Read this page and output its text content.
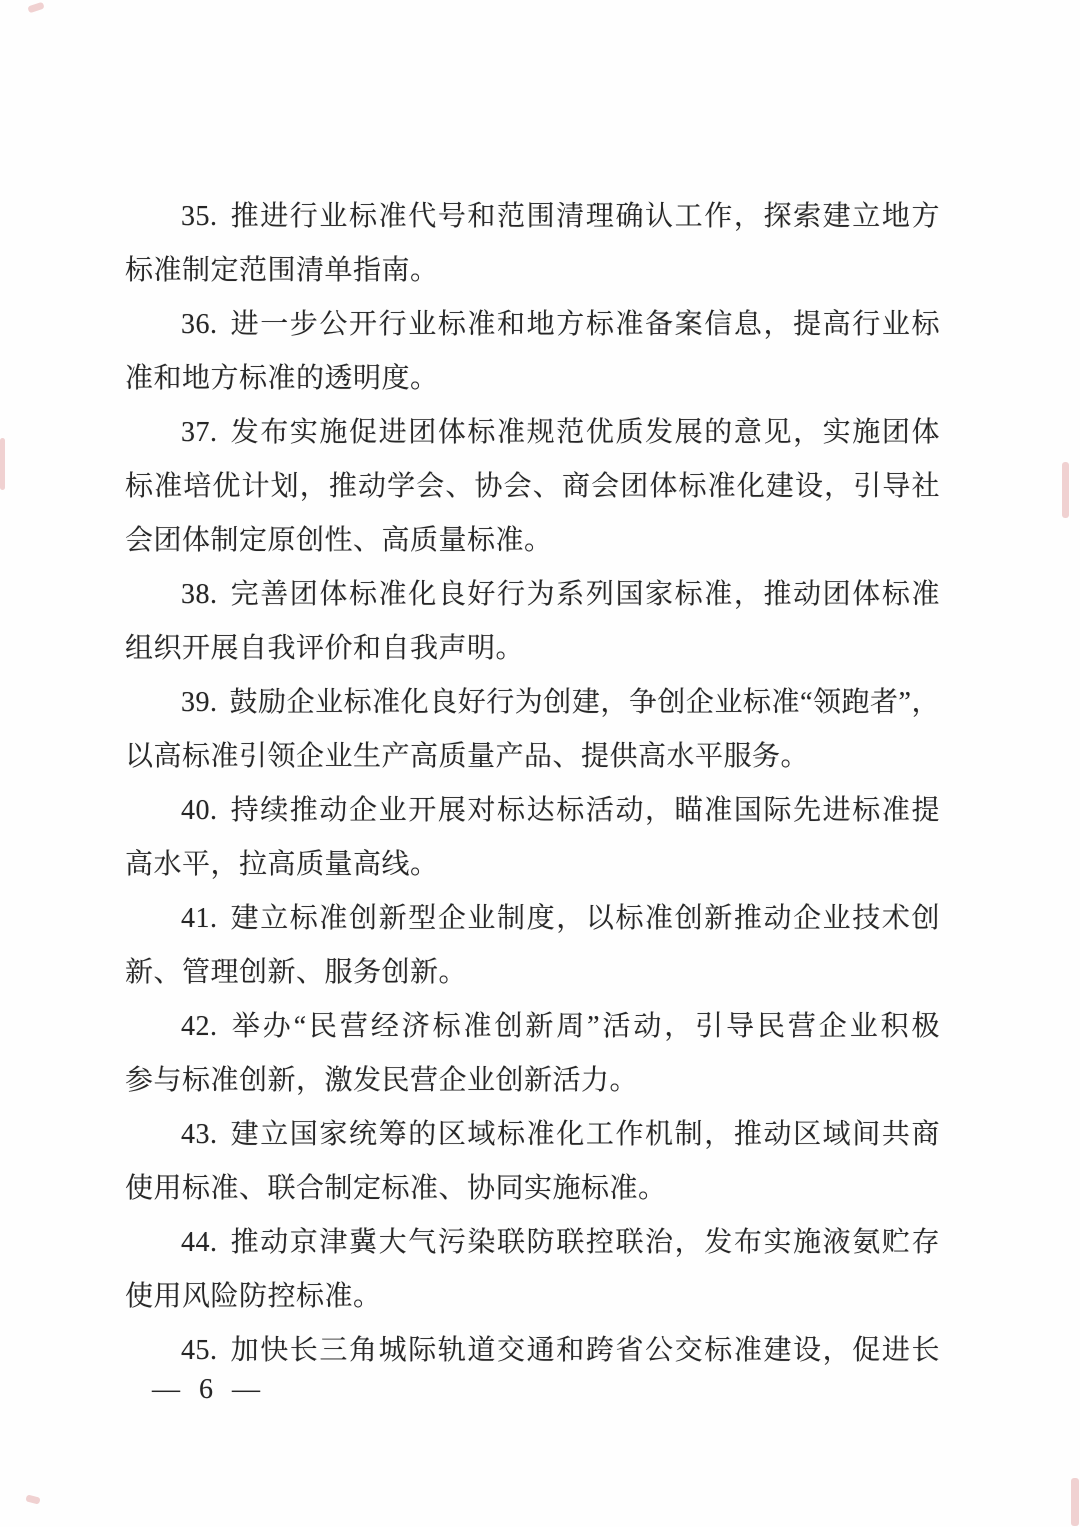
35. 推进行业标准代号和范围清理确认工作，探索建立地方
标准制定范围清单指南。
36. 进一步公开行业标准和地方标准备案信息，提高行业标
准和地方标准的透明度。
37. 发布实施促进团体标准规范优质发展的意见，实施团体
标准培优计划，推动学会、协会、商会团体标准化建设，引导社
会团体制定原创性、高质量标准。
38. 完善团体标准化良好行为系列国家标准，推动团体标准
组织开展自我评价和自我声明。
39. 鼓励企业标准化良好行为创建，争创企业标准“领跑者”，
以高标准引领企业生产高质量产品、提供高水平服务。
40. 持续推动企业开展对标达标活动，瞄准国际先进标准提
高水平，拉高质量高线。
41. 建立标准创新型企业制度，以标准创新推动企业技术创
新、管理创新、服务创新。
42. 举办“民营经济标准创新周”活动，引导民营企业积极
参与标准创新，激发民营企业创新活力。
43. 建立国家统筹的区域标准化工作机制，推动区域间共商
使用标准、联合制定标准、协同实施标准。
44. 推动京津冀大气污染联防联控联治，发布实施液氨贮存
使用风险防控标准。
45. 加快长三角城际轨道交通和跨省公交标准建设，促进长
— 6 —
